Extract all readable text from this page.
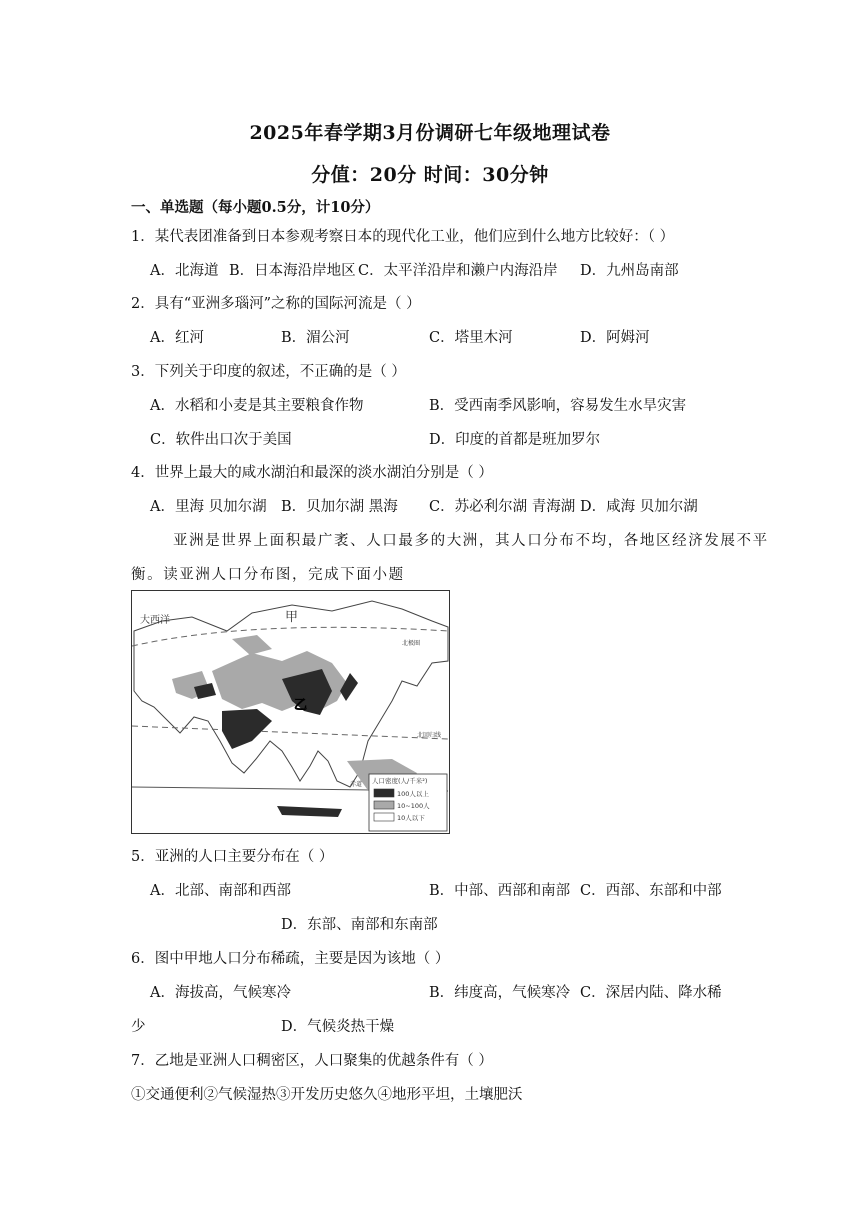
2025年春学期3月份调研七年级地理试卷
分值：20分 时间：30分钟
一、单选题（每小题0.5分，计10分）
1．某代表团准备到日本参观考察日本的现代化工业，他们应到什么地方比较好：（ ）
A．北海道 B．日本海沿岸地区 C．太平洋沿岸和濑户内海沿岸 D．九州岛南部
2．具有“亚洲多瑙河”之称的国际河流是（ ）
A．红河	B．湄公河	C．塔里木河	D．阿姆河
3．下列关于印度的叙述，不正确的是（ ）
A．水稻和小麦是其主要粮食作物	B．受西南季风影响，容易发生水旱灾害
C．软件出口次于美国	D．印度的首都是班加罗尔
4．世界上最大的咸水湖泊和最深的淡水湖泊分别是（ ）
A．里海 贝加尔湖 B．贝加尔湖 黑海 C．苏必利尔湖 青海湖 D．咸海 贝加尔湖
亚洲是世界上面积最广袤、人口最多的大洲，其人口分布不均，各地区经济发展不平
衡。读亚洲人口分布图，完成下面小题
大西洋	甲
北极圈
乙
北回归线
赤道 人口密度(人/千米²)
100人以上
10~100人
10人以下
5．亚洲的人口主要分布在（ ）
A．北部、南部和西部	B．中部、西部和南部 C．西部、东部和中部
D．东部、南部和东南部
6．图中甲地人口分布稀疏，主要是因为该地（ ）
A．海拔高，气候寒冷	B．纬度高，气候寒冷 C．深居内陆、降水稀
少	D．气候炎热干燥
7．乙地是亚洲人口稠密区，人口聚集的优越条件有（ ）
①交通便利②气候湿热③开发历史悠久④地形平坦，土壤肥沃
